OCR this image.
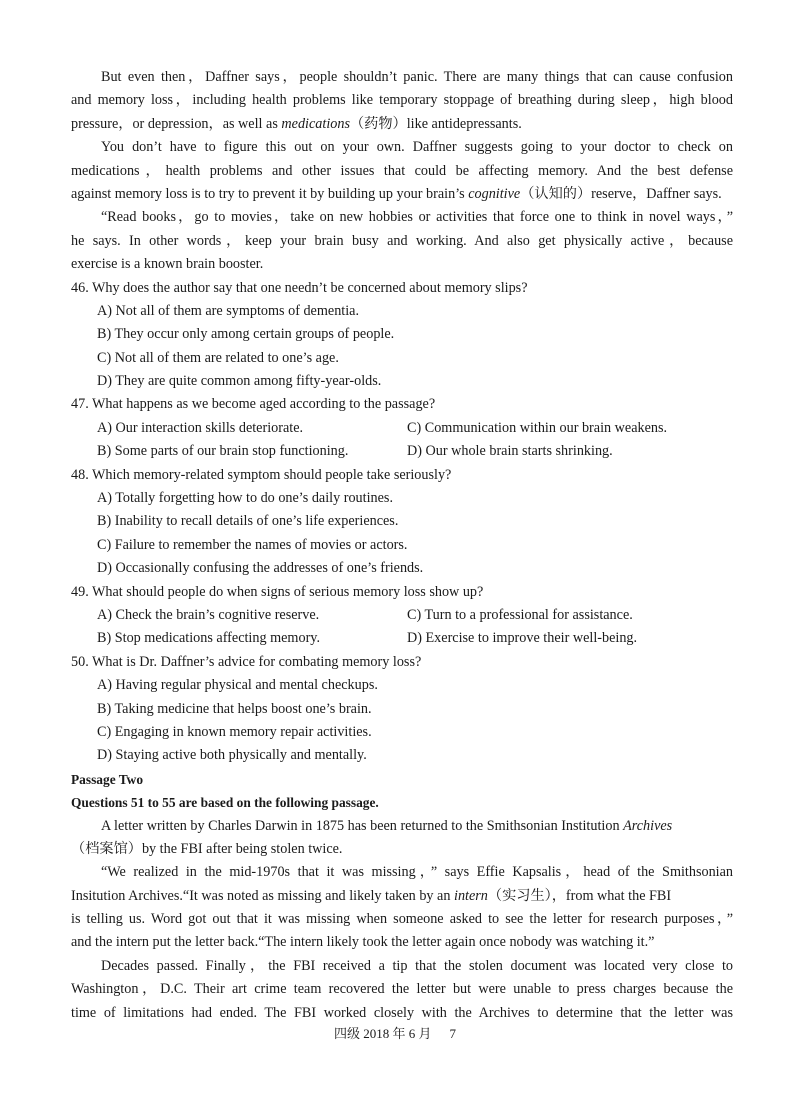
But even then，Daffner says，people shouldn’t panic. There are many things that can cause confusion
and memory loss，including health problems like temporary stoppage of breathing during sleep，high blood
pressure，or depression，as well as medications（药物）like antidepressants.
You don’t have to figure this out on your own. Daffner suggests going to your doctor to check on
medications，health problems and other issues that could be affecting memory. And the best defense
against memory loss is to try to prevent it by building up your brain’s cognitive（认知的）reserve，Daffner says.
“Read books，go to movies，take on new hobbies or activities that force one to think in novel ways，”
he says. In other words，keep your brain busy and working. And also get physically active，because
exercise is a known brain booster.
46. Why does the author say that one needn’t be concerned about memory slips?
A) Not all of them are symptoms of dementia.
B) They occur only among certain groups of people.
C) Not all of them are related to one’s age.
D) They are quite common among fifty-year-olds.
47. What happens as we become aged according to the passage?
A) Our interaction skills deteriorate.	C) Communication within our brain weakens.
B) Some parts of our brain stop functioning.	D) Our whole brain starts shrinking.
48. Which memory-related symptom should people take seriously?
A) Totally forgetting how to do one’s daily routines.
B) Inability to recall details of one’s life experiences.
C) Failure to remember the names of movies or actors.
D) Occasionally confusing the addresses of one’s friends.
49. What should people do when signs of serious memory loss show up?
A) Check the brain’s cognitive reserve.	C) Turn to a professional for assistance.
B) Stop medications affecting memory.	D) Exercise to improve their well-being.
50. What is Dr. Daffner’s advice for combating memory loss?
A) Having regular physical and mental checkups.
B) Taking medicine that helps boost one’s brain.
C) Engaging in known memory repair activities.
D) Staying active both physically and mentally.
Passage Two
Questions 51 to 55 are based on the following passage.
A letter written by Charles Darwin in 1875 has been returned to the Smithsonian Institution Archives
（档案馆）by the FBI after being stolen twice.
“We realized in the mid-1970s that it was missing，” says Effie Kapsalis，head of the Smithsonian
Insitution Archives.“It was noted as missing and likely taken by an intern（实习生），from what the FBI
is telling us. Word got out that it was missing when someone asked to see the letter for research purposes，”
and the intern put the letter back.“The intern likely took the letter again once nobody was watching it.”
Decades passed. Finally，the FBI received a tip that the stolen document was located very close to
Washington，D.C. Their art crime team recovered the letter but were unable to press charges because the
time of limitations had ended. The FBI worked closely with the Archives to determine that the letter was
四级 2018 年 6 月 7
